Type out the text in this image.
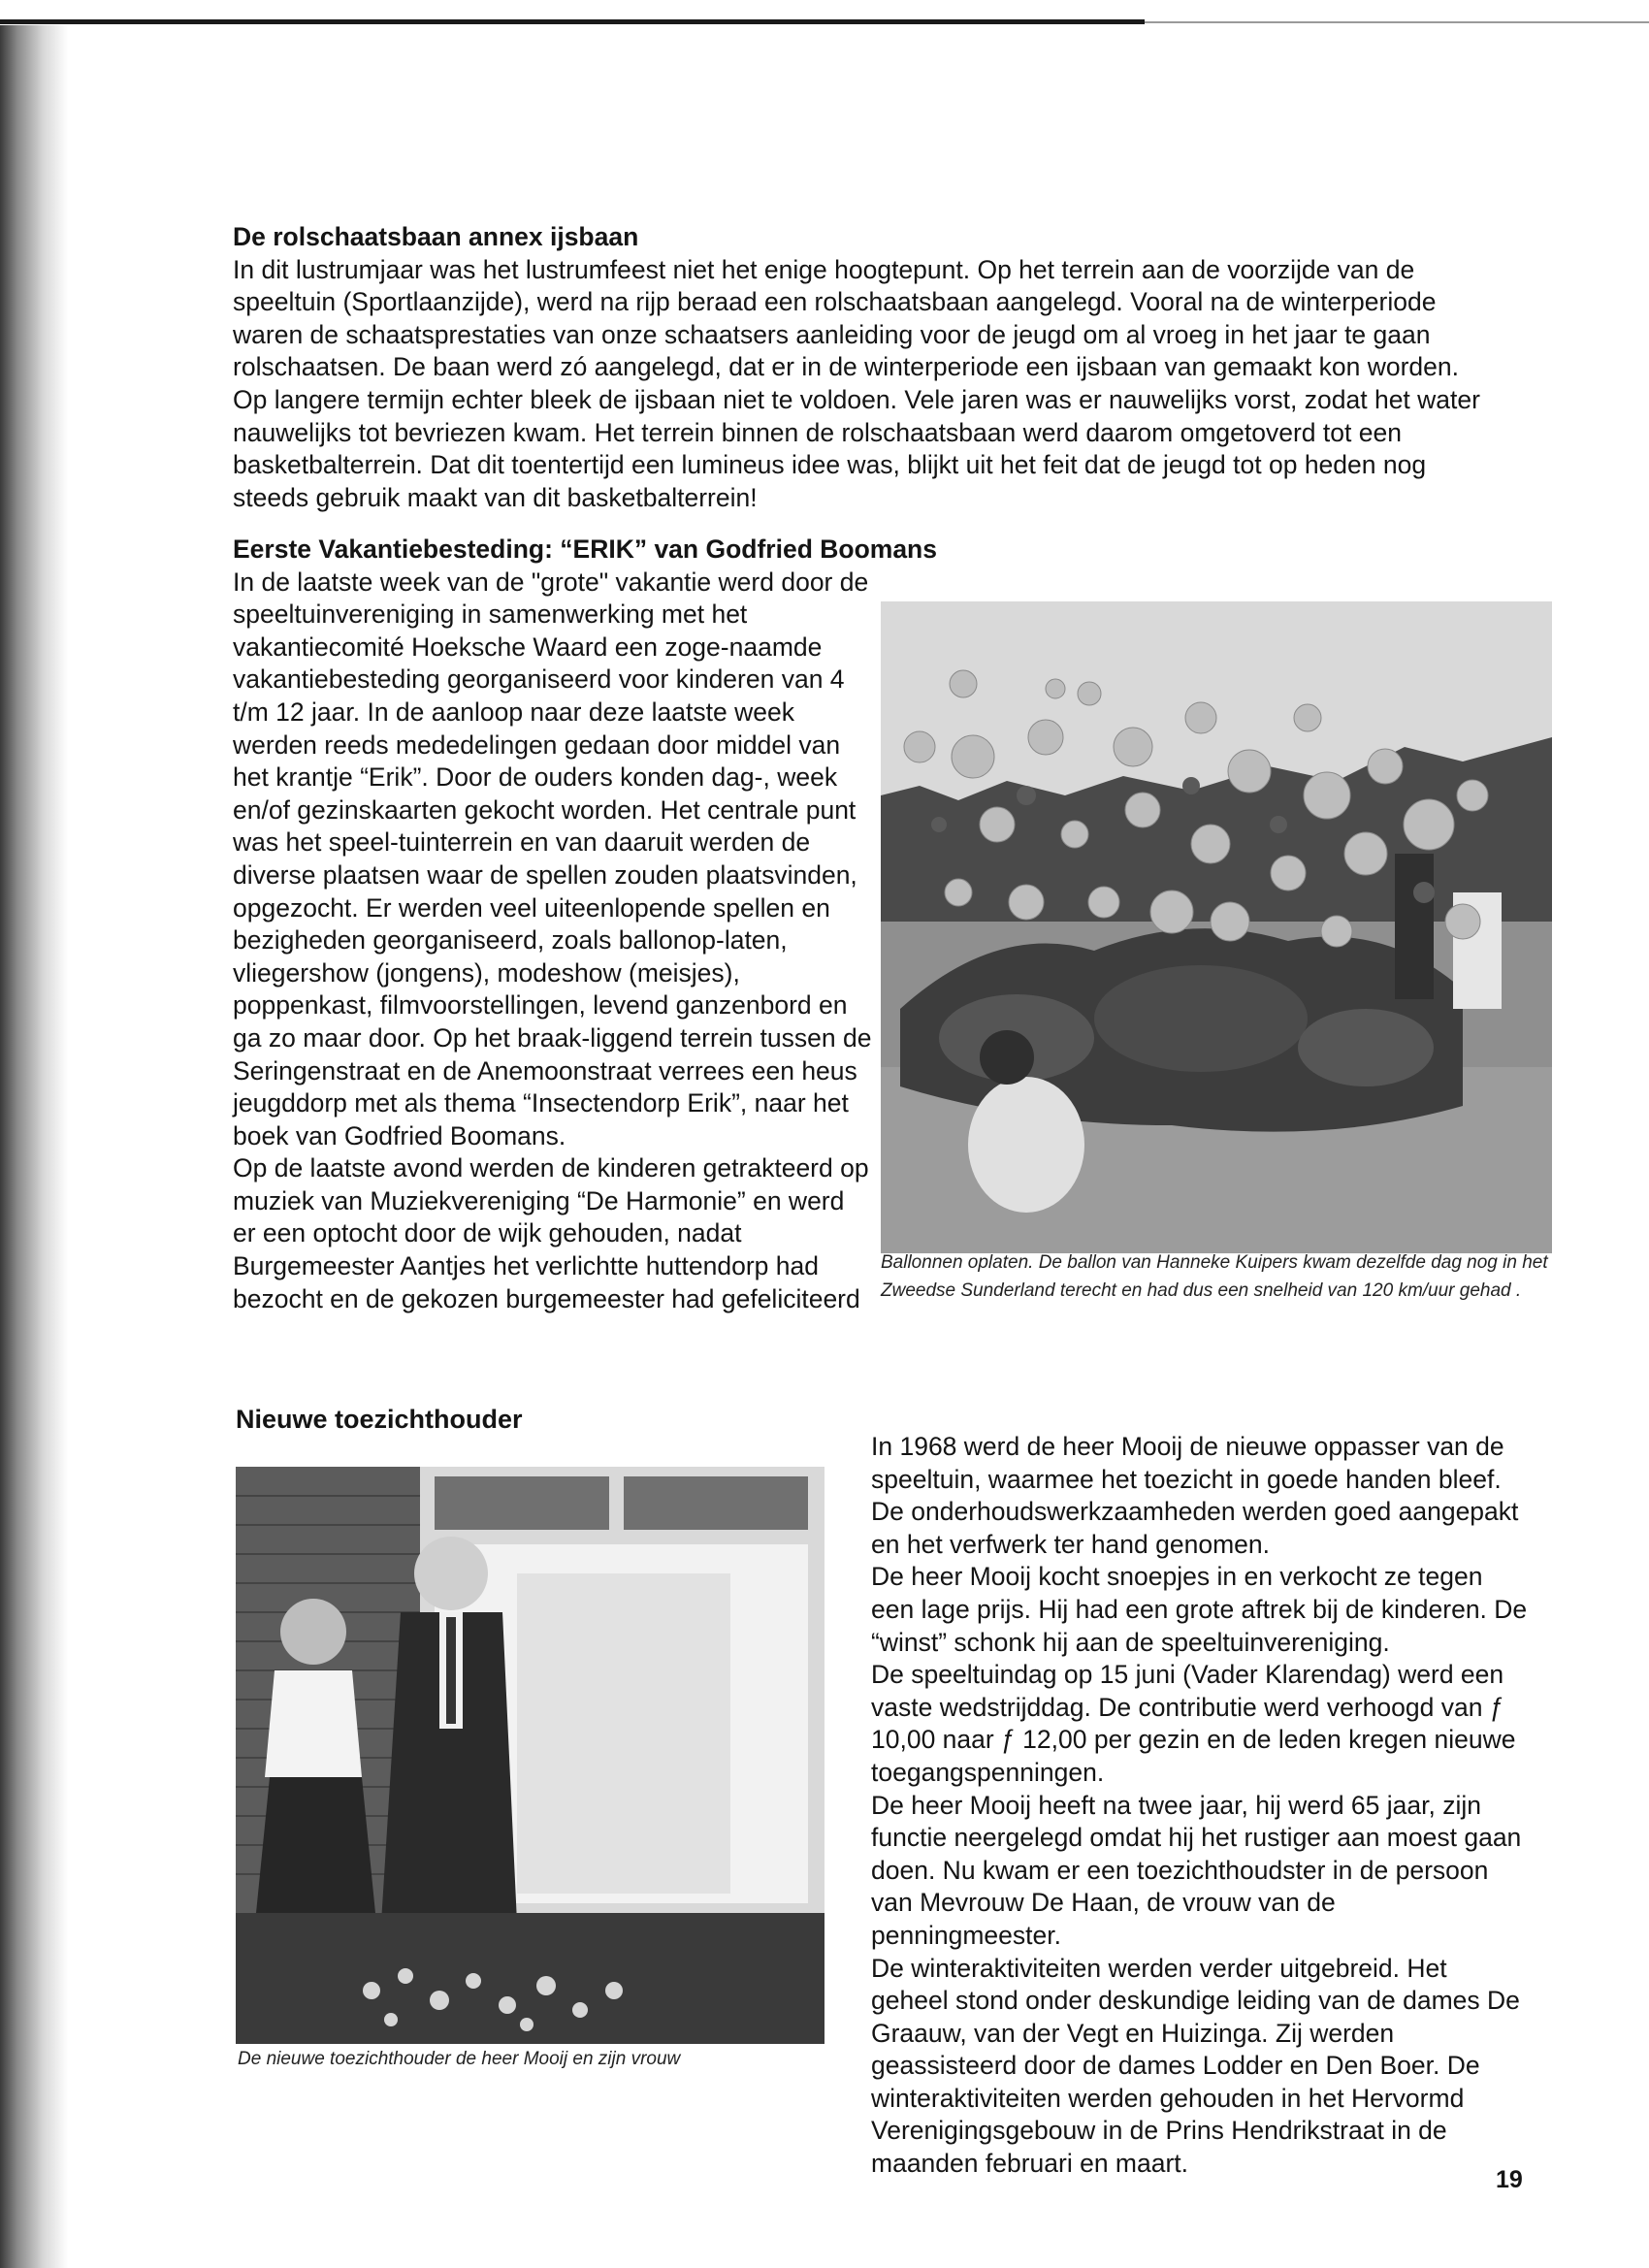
De rolschaatsbaan annex ijsbaan

In dit lustrumjaar was het lustrumfeest niet het enige hoogtepunt. Op het terrein aan de voorzijde van de speeltuin (Sportlaanzijde), werd na rijp beraad een rolschaatsbaan aangelegd. Vooral na de winterperiode waren de schaatsprestaties van onze schaatsers aanleiding voor de jeugd om al vroeg in het jaar te gaan rolschaatsen. De baan werd zó aangelegd, dat er in de winterperiode een ijsbaan van gemaakt kon worden. Op langere termijn echter bleek de ijsbaan niet te voldoen. Vele jaren was er nauwelijks vorst, zodat het water nauwelijks tot bevriezen kwam. Het terrein binnen de rolschaatsbaan werd daarom omgetoverd tot een basketbalterrein. Dat dit toentertijd een lumineus idee was, blijkt uit het feit dat de jeugd tot op heden nog steeds gebruik maakt van dit basketbalterrein!

Eerste Vakantiebesteding: “ERIK” van Godfried Boomans

In de laatste week van de "grote" vakantie werd door de speeltuinvereniging in samenwerking met het vakantiecomité Hoeksche Waard een zoge-naamde vakantiebesteding georganiseerd voor kinderen van 4 t/m 12 jaar. In de aanloop naar deze laatste week werden reeds mededelingen gedaan door middel van het krantje “Erik”. Door de ouders konden dag-, week en/of gezinskaarten gekocht worden. Het centrale punt was het speel-tuinterrein en van daaruit werden de diverse plaatsen waar de spellen zouden plaatsvinden, opgezocht. Er werden veel uiteenlopende spellen en bezigheden georganiseerd, zoals ballonop-laten, vliegershow (jongens), modeshow (meisjes), poppenkast, filmvoorstellingen, levend ganzenbord en ga zo maar door. Op het braak-liggend terrein tussen de Seringenstraat en de Anemoonstraat verrees een heus jeugddorp met als thema “Insectendorp Erik”, naar het boek van Godfried Boomans.

Op de laatste avond werden de kinderen getrakteerd op muziek van Muziekvereniging “De Harmonie” en werd er een optocht door de wijk gehouden, nadat Burgemeester Aantjes het verlichtte huttendorp had bezocht en de gekozen burgemeester had gefeliciteerd

Ballonnen oplaten. De ballon van Hanneke Kuipers kwam dezelfde dag nog in het Zweedse Sunderland terecht en had dus een snelheid van 120 km/uur gehad .
Nieuwe toezichthouder
De nieuwe toezichthouder de heer Mooij en zijn vrouw

In 1968 werd de heer Mooij de nieuwe oppasser van de speeltuin, waarmee het toezicht in goede handen bleef. De onderhoudswerkzaamheden werden goed aangepakt en het verfwerk ter hand genomen.

De heer Mooij kocht snoepjes in en verkocht ze tegen een lage prijs. Hij had een grote aftrek bij de kinderen. De “winst” schonk hij aan de speeltuinvereniging.

De speeltuindag op 15 juni (Vader Klarendag) werd een vaste wedstrijddag. De contributie werd verhoogd van ƒ 10,00 naar ƒ 12,00 per gezin en de leden kregen nieuwe toegangspenningen.

De heer Mooij heeft na twee jaar, hij werd 65 jaar, zijn functie neergelegd omdat hij het rustiger aan moest gaan doen. Nu kwam er een toezichthoudster in de persoon van Mevrouw De Haan, de vrouw van de penningmeester.

De winteraktiviteiten werden verder uitgebreid. Het geheel stond onder deskundige leiding van de dames De Graauw, van der Vegt en Huizinga. Zij werden geassisteerd door de dames Lodder en Den Boer. De winteraktiviteiten werden gehouden in het Hervormd Verenigingsgebouw in de Prins Hendrikstraat in de maanden februari en maart.

19
